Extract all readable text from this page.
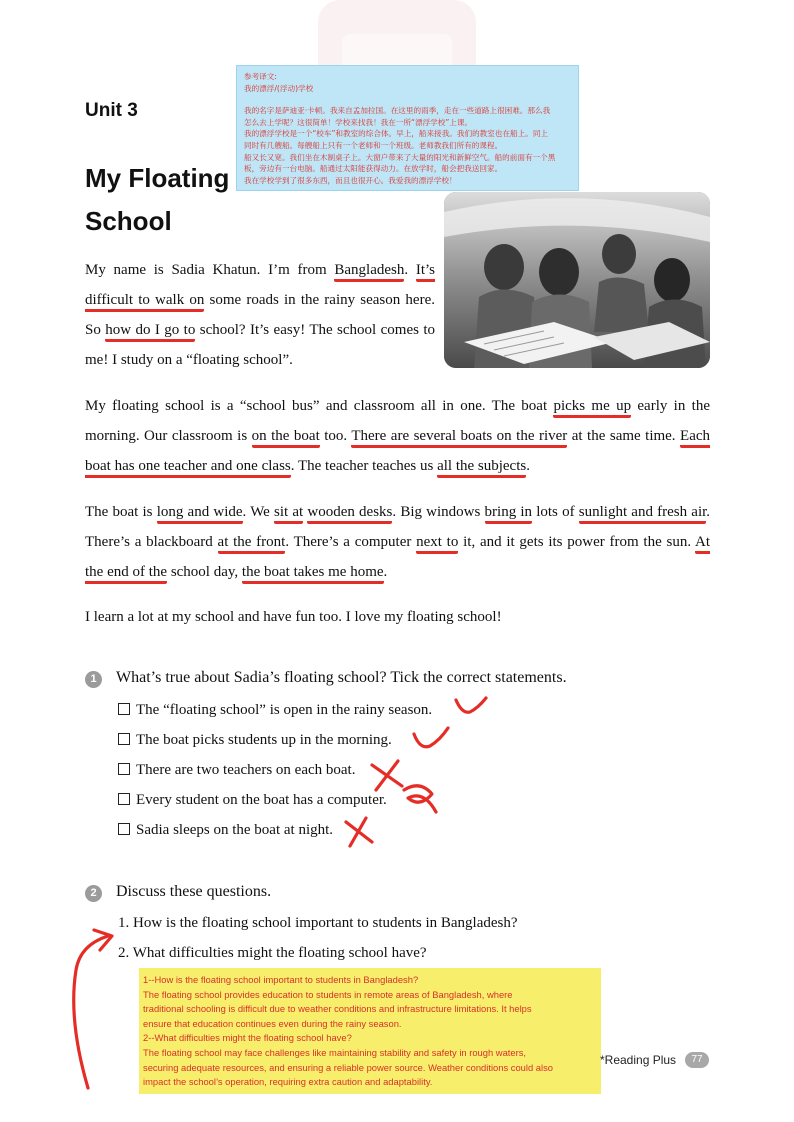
Unit 3
My Floating School

参考译文:

我的漂浮/(浮动)学校

我的名字是萨迪亚·卡顿。我来自孟加拉国。在这里的雨季，走在一些道路上很困难。那么我

怎么去上学呢？这很简单！学校来找我！我在一所“漂浮学校”上课。

我的漂浮学校是一个“校车”和教室的综合体。早上，船来接我。我们的教室也在船上。同上

同时有几艘船。每艘船上只有一个老师和一个班级。老师教我们所有的课程。

船又长又宽。我们坐在木制桌子上。大窗户带来了大量的阳光和新鲜空气。船的前面有一个黑

板，旁边有一台电脑。船通过太阳能获得动力。在放学时，船会把我送回家。

我在学校学到了很多东西，而且也很开心。我爱我的漂浮学校！

My name is Sadia Khatun. I’m from Bangladesh. It’s difficult to walk on some roads in the rainy season here. So how do I go to school? It’s easy! The school comes to me! I study on a “floating school”.

My floating school is a “school bus” and classroom all in one. The boat picks me up early in the morning. Our classroom is on the boat too. There are several boats on the river at the same time. Each boat has one teacher and one class. The teacher teaches us all the subjects.

The boat is long and wide. We sit at wooden desks. Big windows bring in lots of sunlight and fresh air. There’s a blackboard at the front. There’s a computer next to it, and it gets its power from the sun. At the end of the school day, the boat takes me home.

I learn a lot at my school and have fun too. I love my floating school!
1	What’s true about Sadia’s floating school? Tick the correct statements.
The “floating school” is open in the rainy season.
The boat picks students up in the morning.
There are two teachers on each boat.
Every student on the boat has a computer.
Sadia sleeps on the boat at night.
2	Discuss these questions.
1. How is the floating school important to students in Bangladesh?
2. What difficulties might the floating school have?

1--How is the floating school important to students in Bangladesh?

The floating school provides education to students in remote areas of Bangladesh, where

traditional schooling is difficult due to weather conditions and infrastructure limitations. It helps

ensure that education continues even during the rainy season.

2--What difficulties might the floating school have?

The floating school may face challenges like maintaining stability and safety in rough waters,

securing adequate resources, and ensuring a reliable power source. Weather conditions could also

impact the school’s operation, requiring extra caution and adaptability.

*Reading Plus	77
